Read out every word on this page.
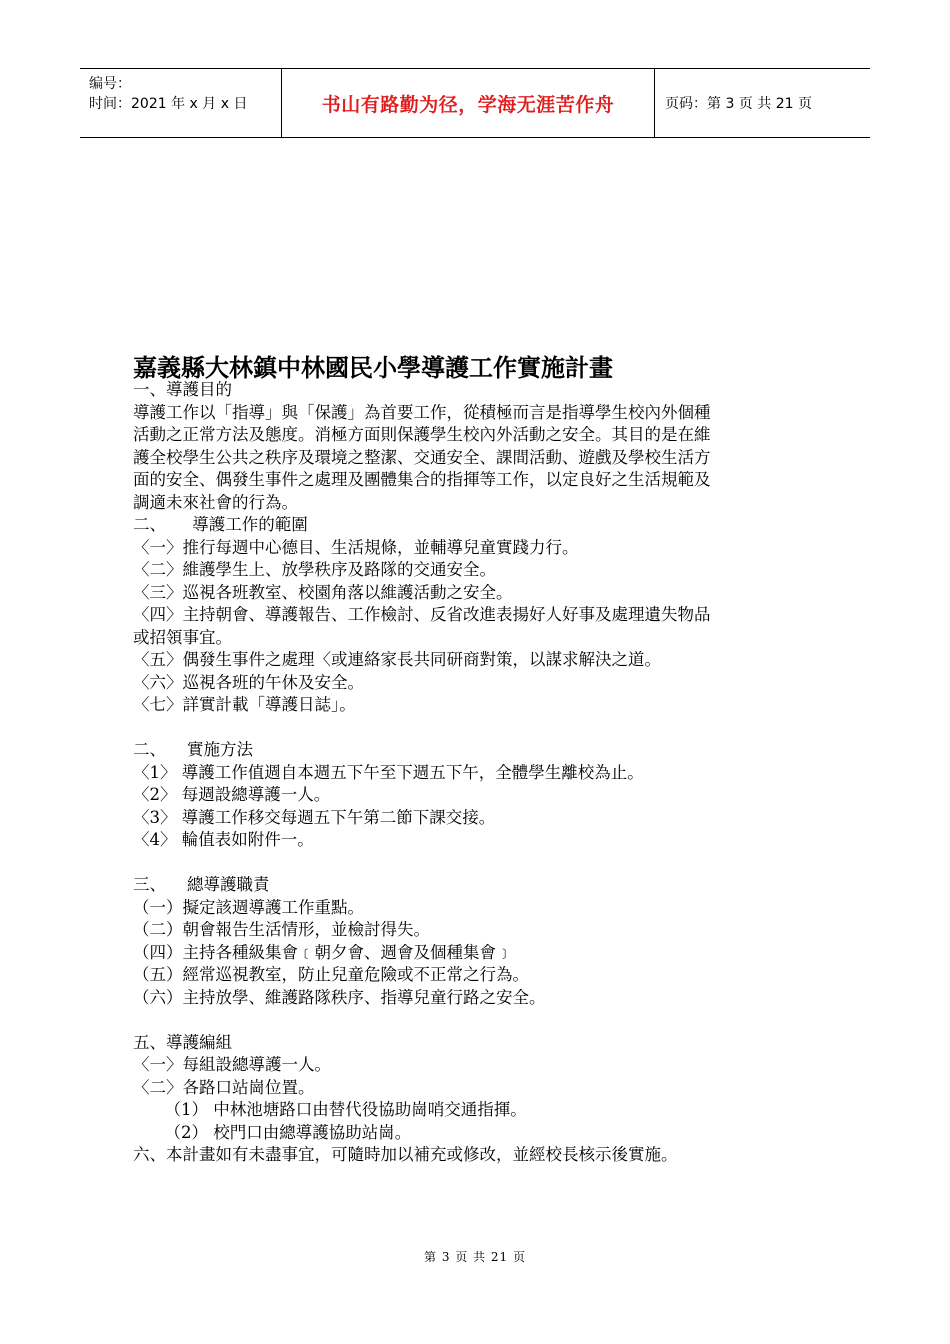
编号：
时间：2021 年 x 月 x 日	书山有路勤为径，学海无涯苦作舟	页码：第 3 页 共 21 页
嘉義縣大林鎮中林國民小學導護工作實施計畫
一、導護目的
導護工作以「指導」與「保護」為首要工作，從積極而言是指導學生校內外個種
活動之正常方法及態度。消極方面則保護學生校內外活動之安全。其目的是在維
護全校學生公共之秩序及環境之整潔、交通安全、課間活動、遊戲及學校生活方
面的安全、偶發生事件之處理及團體集合的指揮等工作，以定良好之生活規範及
調適未來社會的行為。
二、     導護工作的範圍
〈一〉推行每週中心德目、生活規條，並輔導兒童實踐力行。
〈二〉維護學生上、放學秩序及路隊的交通安全。
〈三〉巡視各班教室、校園角落以維護活動之安全。
〈四〉主持朝會、導護報告、工作檢討、反省改進表揚好人好事及處理遺失物品
或招領事宜。
〈五〉偶發生事件之處理〈或連絡家長共同研商對策，以謀求解決之道。
〈六〉巡視各班的午休及安全。
〈七〉詳實計載「導護日誌」。
二、    實施方法
〈1〉 導護工作值週自本週五下午至下週五下午，全體學生離校為止。
〈2〉 每週設總導護一人。
〈3〉 導護工作移交每週五下午第二節下課交接。
〈4〉 輪值表如附件一。
三、    總導護職責
（一）擬定該週導護工作重點。
（二）朝會報告生活情形，並檢討得失。
（四）主持各種級集會﹝朝夕會、週會及個種集會﹞
（五）經常巡視教室，防止兒童危險或不正常之行為。
（六）主持放學、維護路隊秩序、指導兒童行路之安全。
五、導護編組
〈一〉每組設總導護一人。
〈二〉各路口站崗位置。
（1） 中林池塘路口由替代役協助崗哨交通指揮。
（2） 校門口由總導護協助站崗。
六、本計畫如有未盡事宜，可隨時加以補充或修改，並經校長核示後實施。
第 3 页 共 21 页
